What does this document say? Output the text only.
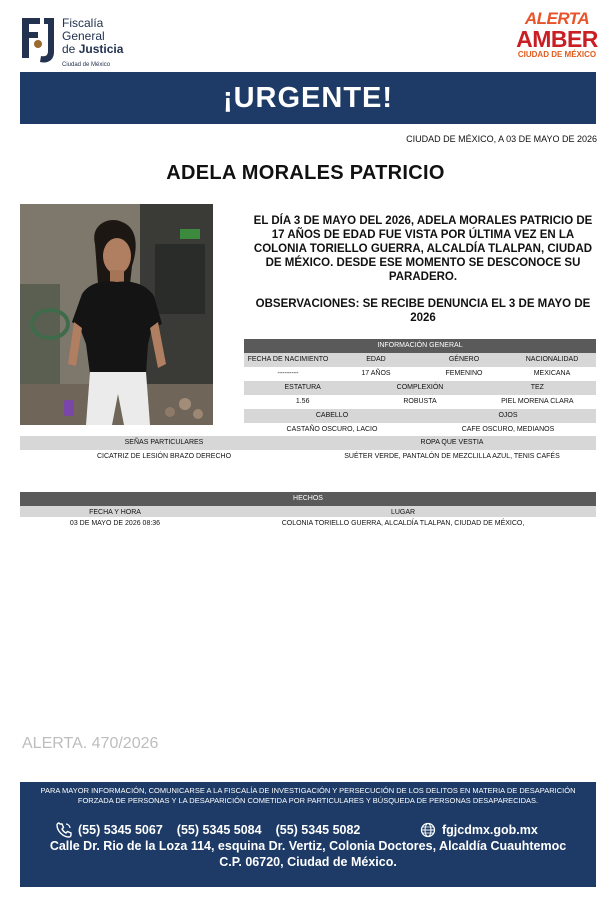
Fiscalía
General
de Justicia
Ciudad de México
ALERTA
AMBER
CIUDAD DE MÉXICO
¡URGENTE!
CIUDAD DE MÉXICO, A 03 DE MAYO DE 2026
ADELA MORALES PATRICIO
EL DÍA 3 DE MAYO DEL 2026, ADELA MORALES PATRICIO DE 17 AÑOS DE EDAD FUE VISTA POR ÚLTIMA VEZ EN LA COLONIA TORIELLO GUERRA, ALCALDÍA TLALPAN, CIUDAD DE MÉXICO. DESDE ESE MOMENTO SE DESCONOCE SU PARADERO.
OBSERVACIONES: SE RECIBE DENUNCIA EL 3 DE MAYO DE 2026
INFORMACIÓN GENERAL
FECHA DE NACIMIENTO	EDAD	GÉNERO	NACIONALIDAD
---------	17 AÑOS	FEMENINO	MEXICANA
ESTATURA	COMPLEXIÓN	TEZ
1.56	ROBUSTA	PIEL MORENA CLARA
CABELLO	OJOS
CASTAÑO OSCURO, LACIO	CAFE OSCURO, MEDIANOS
SEÑAS PARTICULARES	ROPA QUE VESTIA
CICATRIZ DE LESIÓN BRAZO DERECHO	SUÉTER VERDE, PANTALÓN DE MEZCLILLA AZUL, TENIS CAFÉS
HECHOS
FECHA Y HORA	LUGAR
03 DE MAYO DE 2026 08:36	COLONIA TORIELLO GUERRA, ALCALDÍA TLALPAN, CIUDAD DE MÉXICO,
ALERTA. 470/2026
PARA MAYOR INFORMACIÓN, COMUNICARSE A LA FISCALÍA DE INVESTIGACIÓN Y PERSECUCIÓN DE LOS DELITOS EN MATERIA DE DESAPARICIÓN FORZADA DE PERSONAS Y LA DESAPARICIÓN COMETIDA POR PARTICULARES Y BÚSQUEDA DE PERSONAS DESAPARECIDAS.
(55) 5345 5067 (55) 5345 5084 (55) 5345 5082	fgjcdmx.gob.mx
Calle Dr. Rio de la Loza 114, esquina Dr. Vertiz, Colonia Doctores, Alcaldía Cuauhtemoc
C.P. 06720, Ciudad de México.
